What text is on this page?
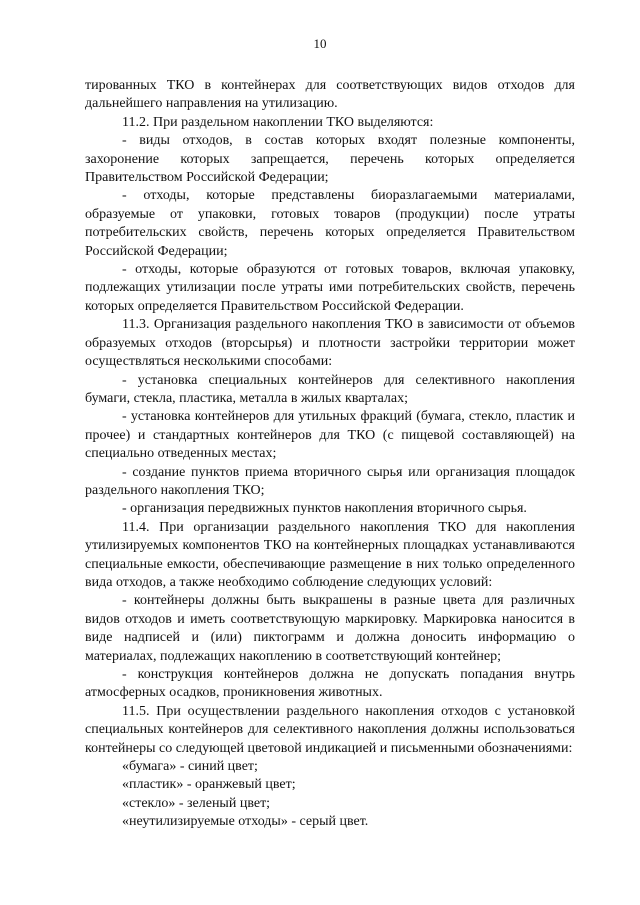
10

тированных ТКО в контейнерах для соответствующих видов отходов для дальнейшего направления на утилизацию.

11.2. При раздельном накоплении ТКО выделяются:

- виды отходов, в состав которых входят полезные компоненты, захоронение которых запрещается, перечень которых определяется Правительством Российской Федерации;

- отходы, которые представлены биоразлагаемыми материалами, образуемые от упаковки, готовых товаров (продукции) после утраты потребительских свойств, перечень которых определяется Правительством Российской Федерации;

- отходы, которые образуются от готовых товаров, включая упаковку, подлежащих утилизации после утраты ими потребительских свойств, перечень которых определяется Правительством Российской Федерации.

11.3. Организация раздельного накопления ТКО в зависимости от объемов образуемых отходов (вторсырья) и плотности застройки территории может осуществляться несколькими способами:

- установка специальных контейнеров для селективного накопления бумаги, стекла, пластика, металла в жилых кварталах;

- установка контейнеров для утильных фракций (бумага, стекло, пластик и прочее) и стандартных контейнеров для ТКО (с пищевой составляющей) на специально отведенных местах;

- создание пунктов приема вторичного сырья или организация площадок раздельного накопления ТКО;

- организация передвижных пунктов накопления вторичного сырья.

11.4. При организации раздельного накопления ТКО для накопления утилизируемых компонентов ТКО на контейнерных площадках устанавливаются специальные емкости, обеспечивающие размещение в них только определенного вида отходов, а также необходимо соблюдение следующих условий:

- контейнеры должны быть выкрашены в разные цвета для различных видов отходов и иметь соответствующую маркировку. Маркировка наносится в виде надписей и (или) пиктограмм и должна доносить информацию о материалах, подлежащих накоплению в соответствующий контейнер;

- конструкция контейнеров должна не допускать попадания внутрь атмосферных осадков, проникновения животных.

11.5. При осуществлении раздельного накопления отходов с установкой специальных контейнеров для селективного накопления должны использоваться контейнеры со следующей цветовой индикацией и письменными обозначениями:

«бумага» - синий цвет;

«пластик» - оранжевый цвет;

«стекло» - зеленый цвет;

«неутилизируемые отходы» - серый цвет.
